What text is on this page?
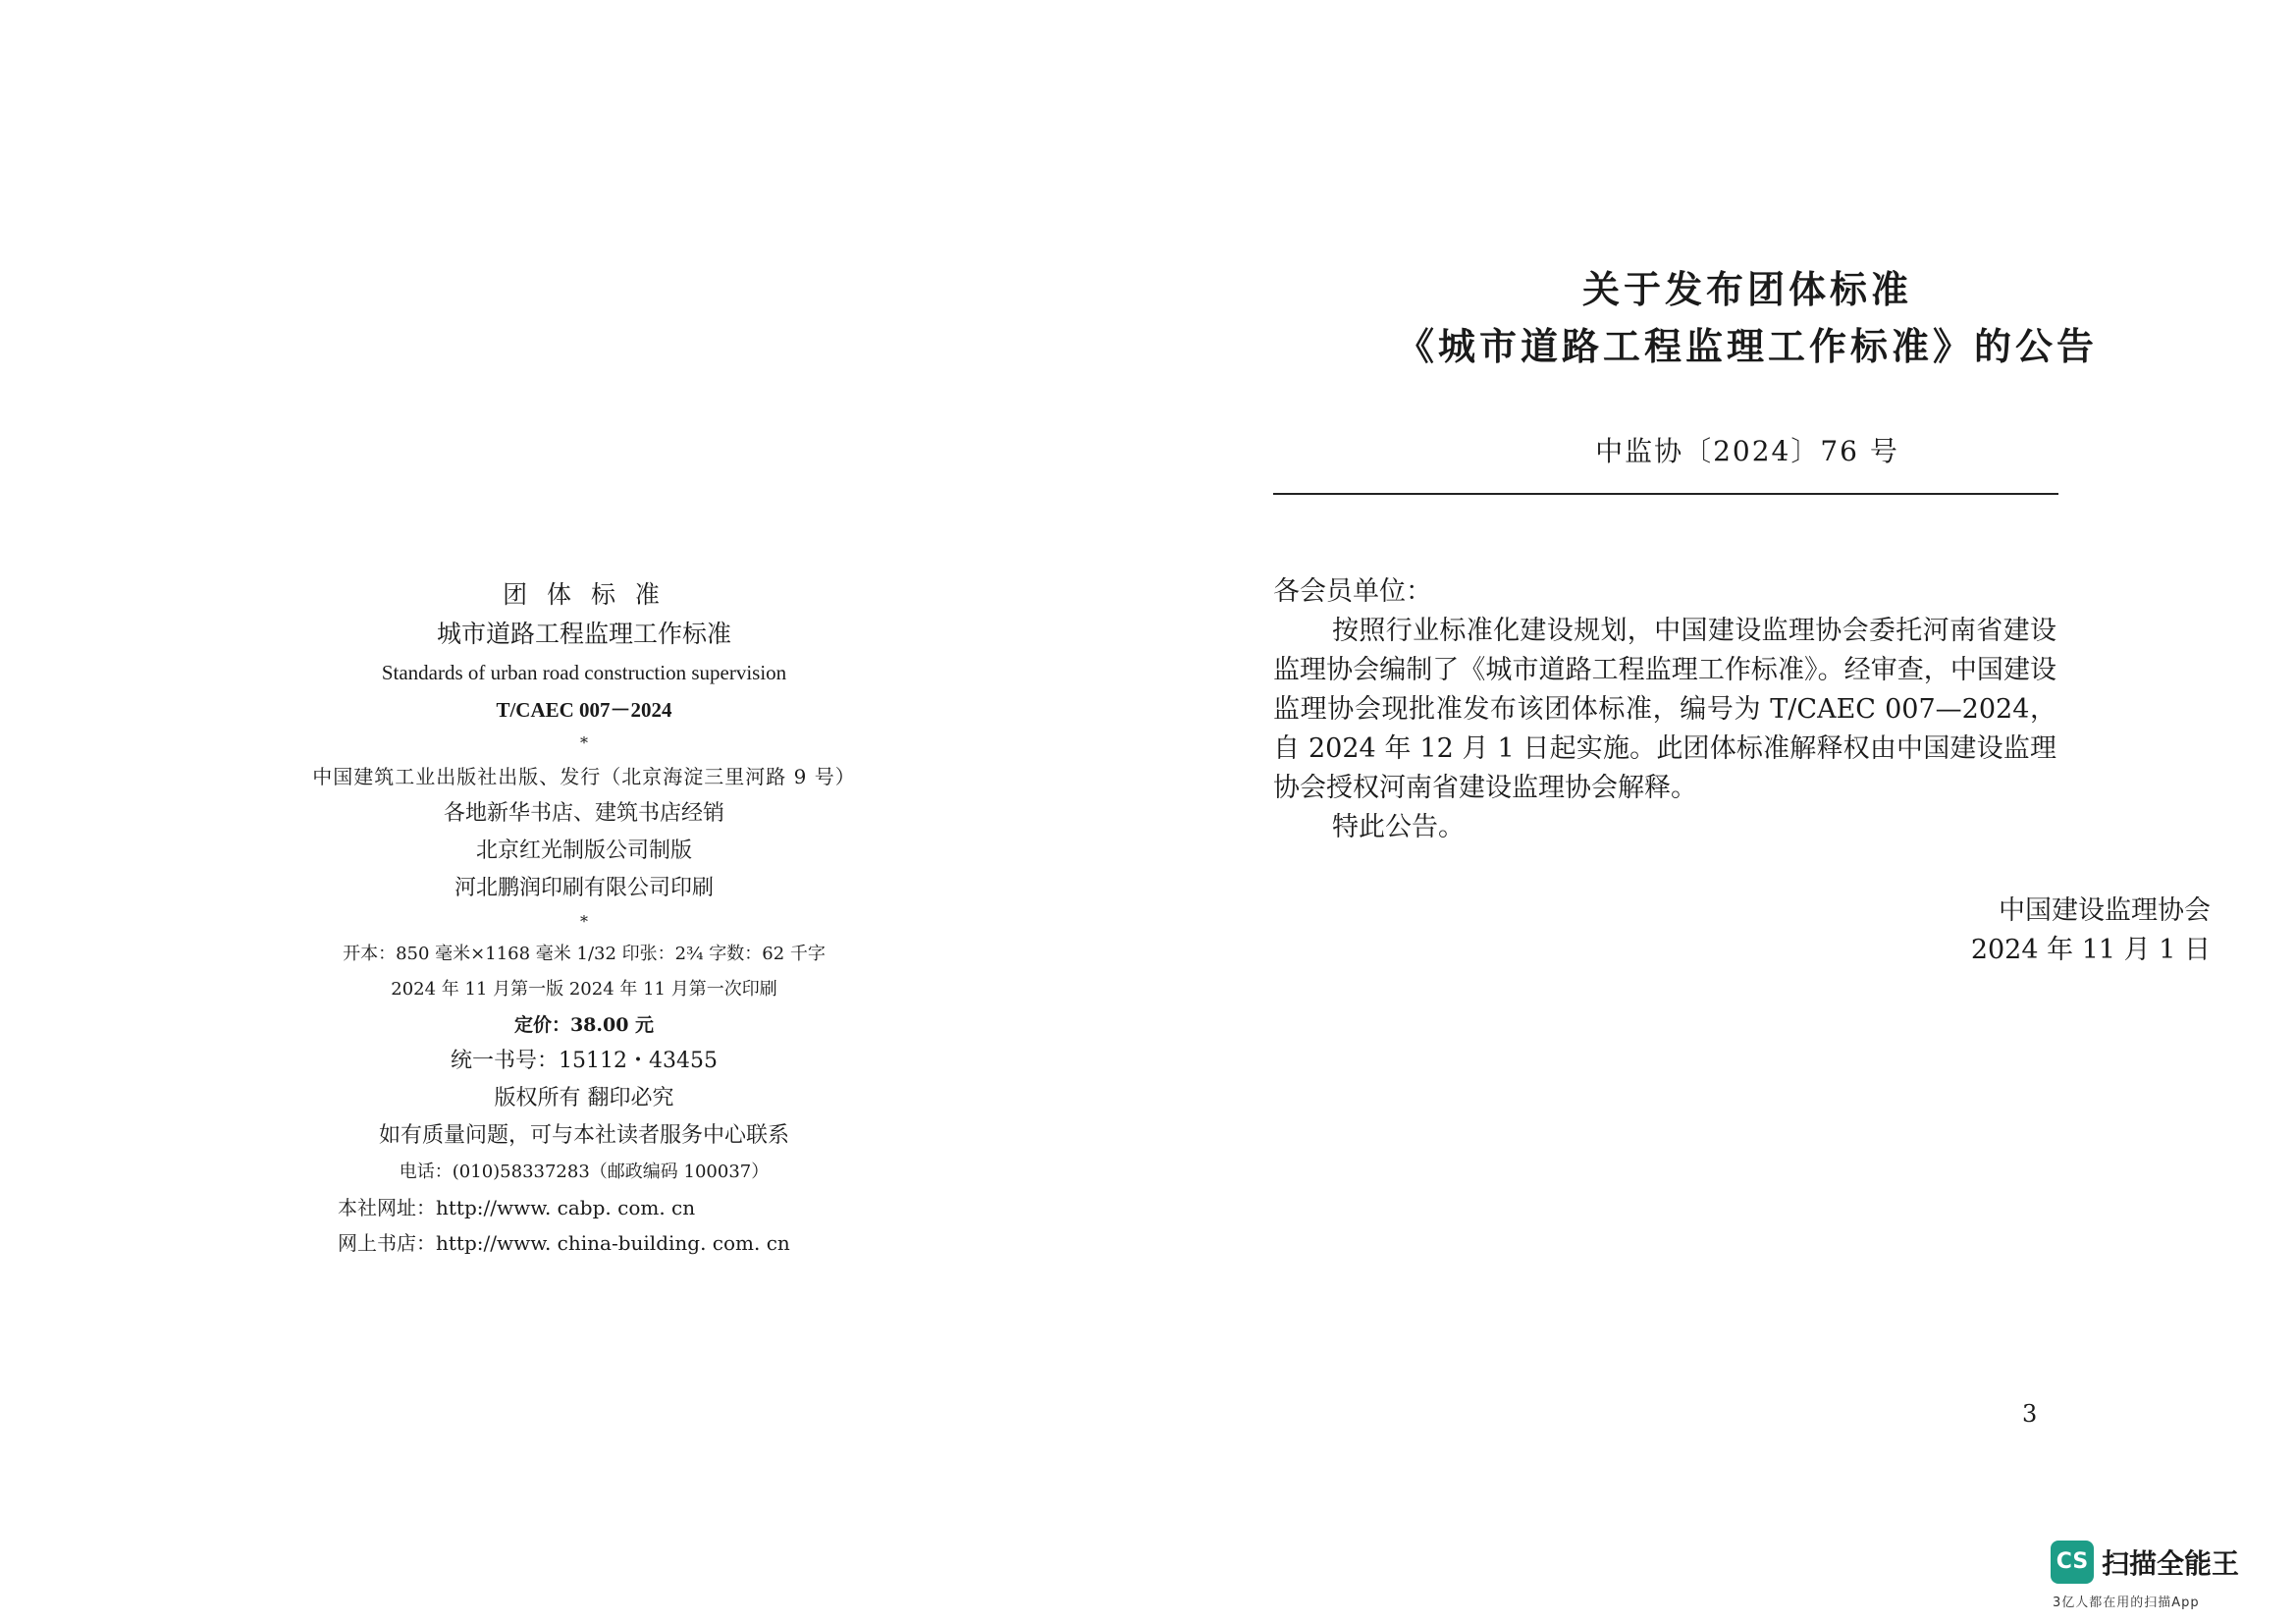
团 体 标 准
城市道路工程监理工作标准
Standards of urban road construction supervision
T/CAEC 007－2024
*
中国建筑工业出版社出版、发行（北京海淀三里河路 9 号）
各地新华书店、建筑书店经销
北京红光制版公司制版
河北鹏润印刷有限公司印刷
*
开本：850 毫米×1168 毫米 1/32 印张：2¾ 字数：62 千字
2024 年 11 月第一版 2024 年 11 月第一次印刷
定价：38.00 元
统一书号：15112・43455
版权所有 翻印必究
如有质量问题，可与本社读者服务中心联系
电话：(010)58337283（邮政编码 100037）
本社网址：http://www. cabp. com. cn
网上书店：http://www. china-building. com. cn
关于发布团体标准
《城市道路工程监理工作标准》的公告
中监协〔2024〕76 号

各会员单位：

按照行业标准化建设规划，中国建设监理协会委托河南省建设监理协会编制了《城市道路工程监理工作标准》。经审查，中国建设监理协会现批准发布该团体标准，编号为 T/CAEC 007—2024，自 2024 年 12 月 1 日起实施。此团体标准解释权由中国建设监理协会授权河南省建设监理协会解释。

特此公告。

中国建设监理协会
2024 年 11 月 1 日
3
CS 扫描全能王
3亿人都在用的扫描App
